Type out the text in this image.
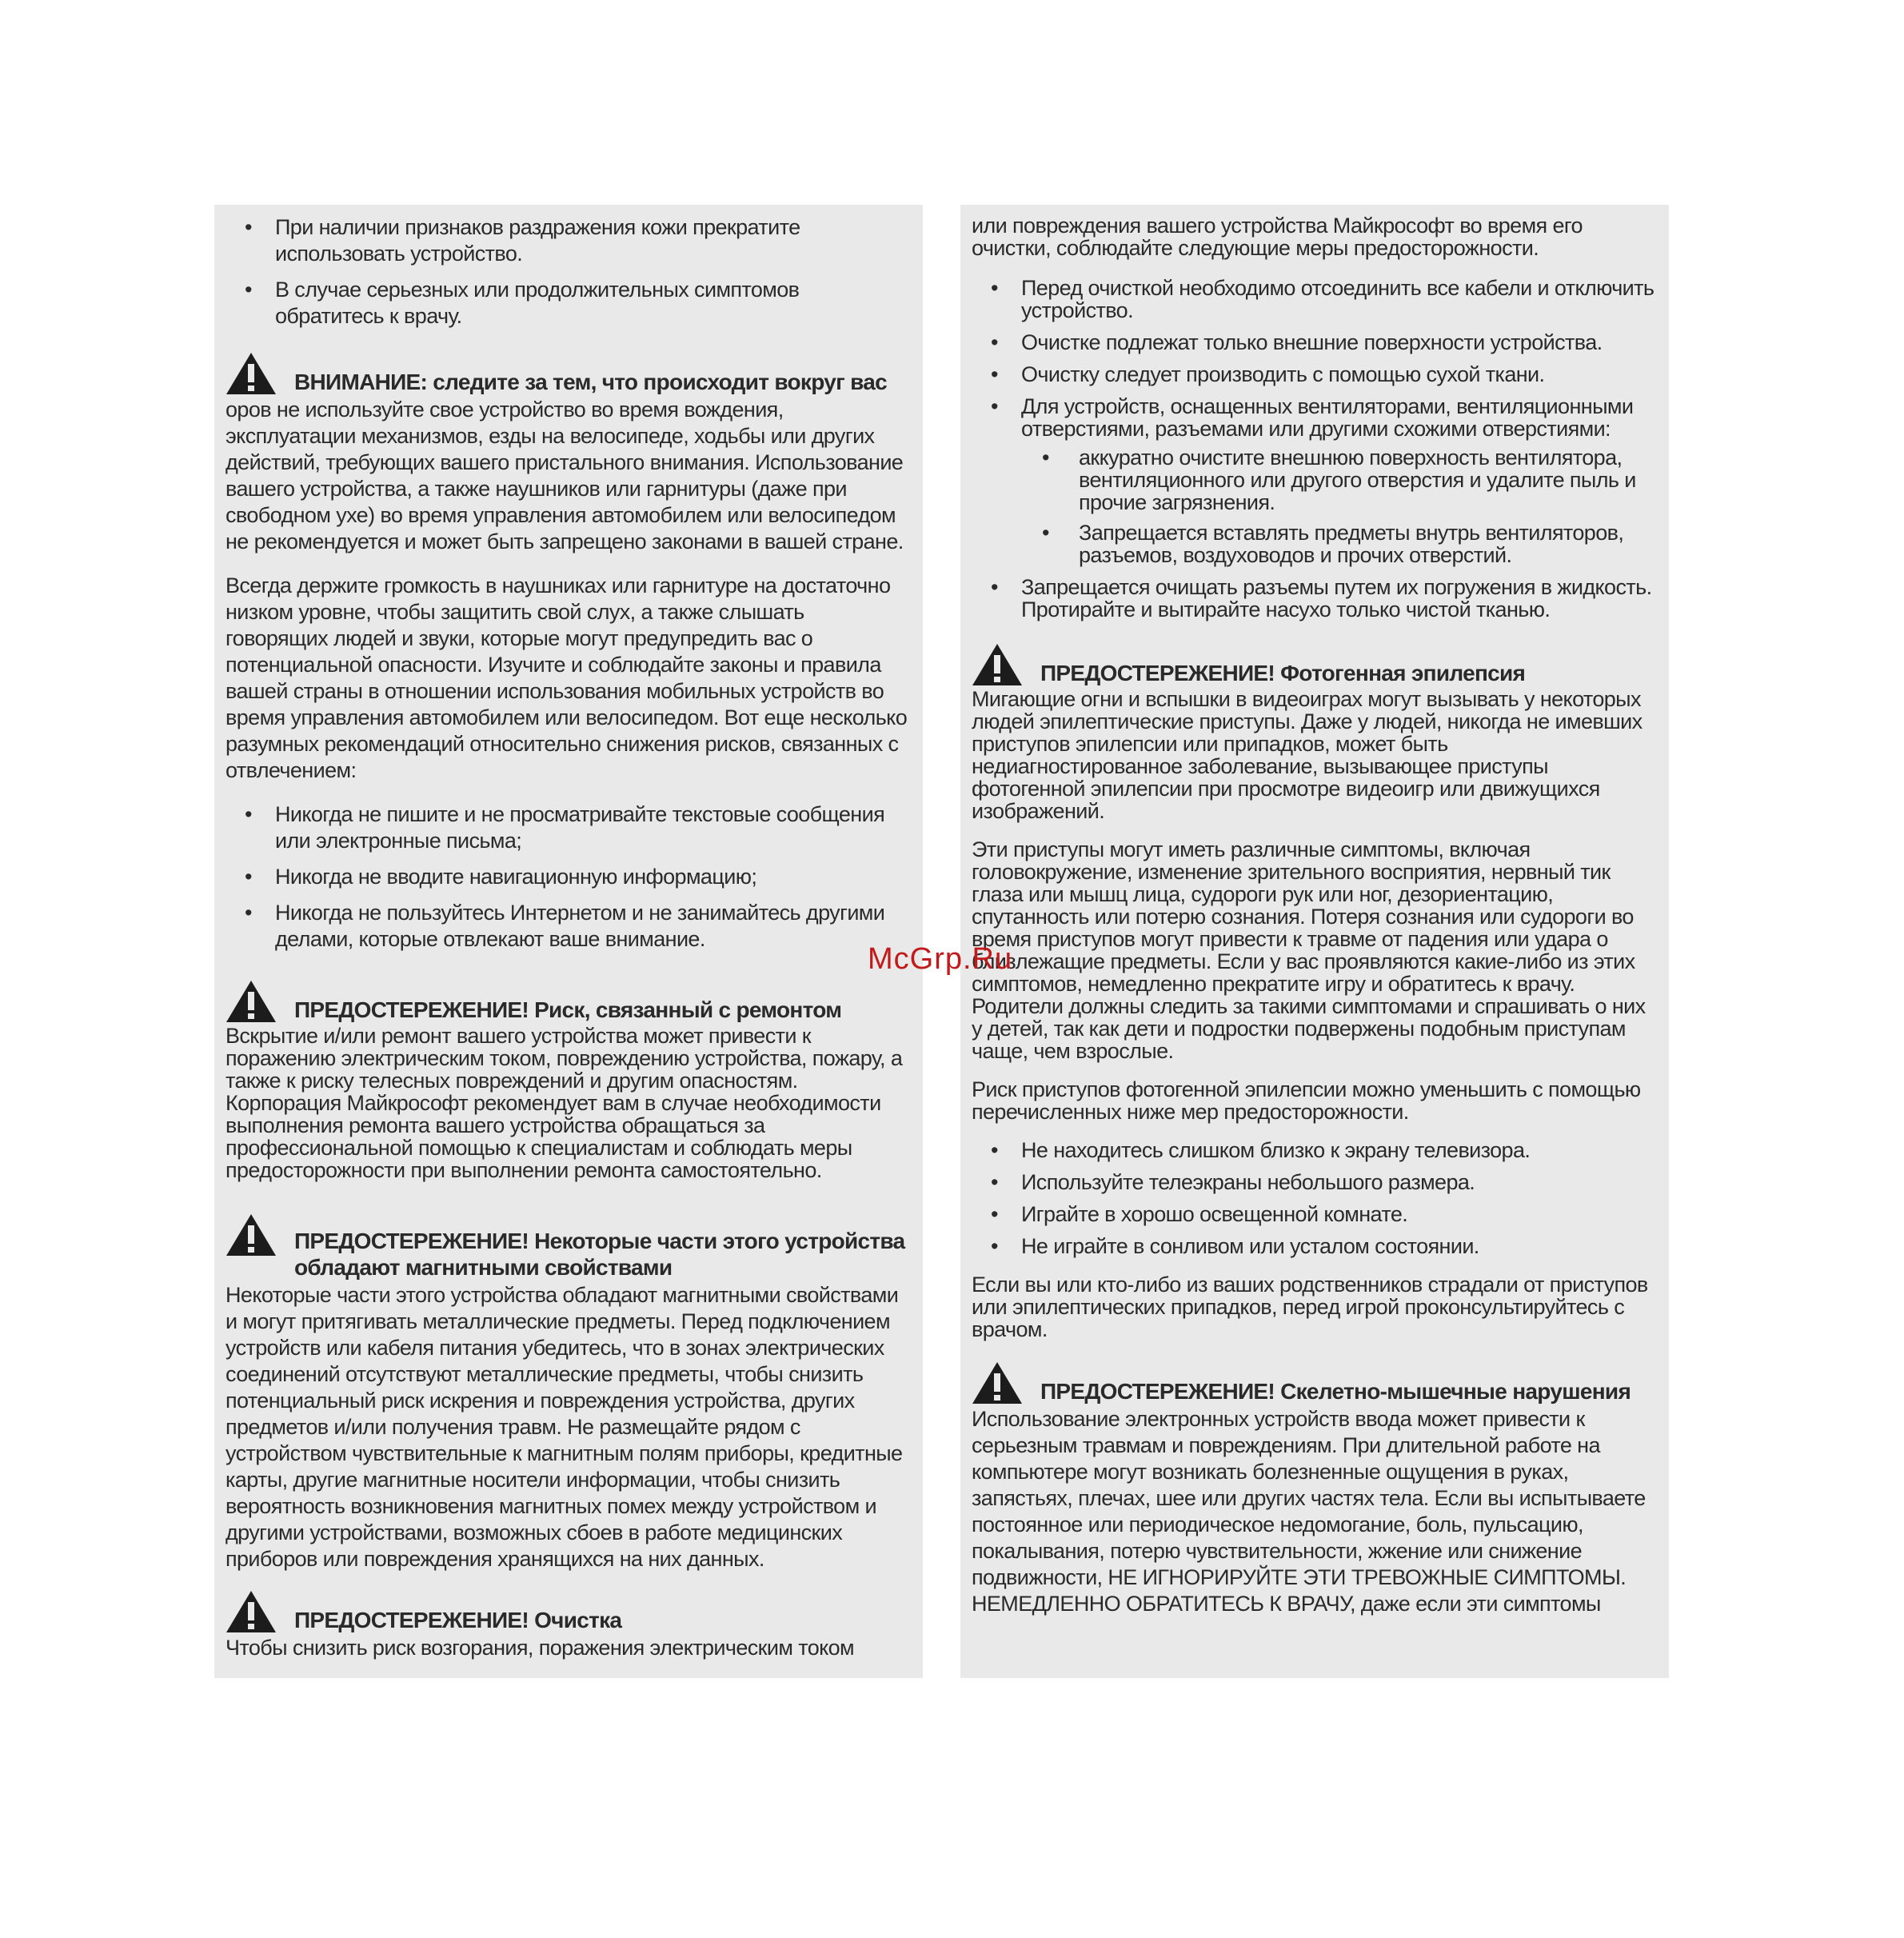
• При наличии признаков раздражения кожи прекратите использовать устройство.
• В случае серьезных или продолжительных симптомов обратитесь к врачу.
ВНИМАНИЕ: следите за тем, что происходит вокруг вас

оров не используйте свое устройство во время вождения, эксплуатации механизмов, езды на велосипеде, ходьбы или других действий, требующих вашего пристального внимания. Использование вашего устройства, а также наушников или гарнитуры (даже при свободном ухе) во время управления автомобилем или велосипедом не рекомендуется и может быть запрещено законами в вашей стране.

Всегда держите громкость в наушниках или гарнитуре на достаточно низком уровне, чтобы защитить свой слух, а также слышать говорящих людей и звуки, которые могут предупредить вас о потенциальной опасности. Изучите и соблюдайте законы и правила вашей страны в отношении использования мобильных устройств во время управления автомобилем или велосипедом. Вот еще несколько разумных рекомендаций относительно снижения рисков, связанных с отвлечением:

• Никогда не пишите и не просматривайте текстовые сообщения или электронные письма;
• Никогда не вводите навигационную информацию;
• Никогда не пользуйтесь Интернетом и не занимайтесь другими делами, которые отвлекают ваше внимание.
ПРЕДОСТЕРЕЖЕНИЕ! Риск, связанный с ремонтом

Вскрытие и/или ремонт вашего устройства может привести к поражению электрическим током, повреждению устройства, пожару, а также к риску телесных повреждений и другим опасностям. Корпорация Майкрософт рекомендует вам в случае необходимости выполнения ремонта вашего устройства обращаться за профессиональной помощью к специалистам и соблюдать меры предосторожности при выполнении ремонта самостоятельно.

ПРЕДОСТЕРЕЖЕНИЕ! Некоторые части этого устройства обладают магнитными свойствами

Некоторые части этого устройства обладают магнитными свойствами и могут притягивать металлические предметы. Перед подключением устройств или кабеля питания убедитесь, что в зонах электрических соединений отсутствуют металлические предметы, чтобы снизить потенциальный риск искрения и повреждения устройства, других предметов и/или получения травм. Не размещайте рядом с устройством чувствительные к магнитным полям приборы, кредитные карты, другие магнитные носители информации, чтобы снизить вероятность возникновения магнитных помех между устройством и другими устройствами, возможных сбоев в работе медицинских приборов или повреждения хранящихся на них данных.

ПРЕДОСТЕРЕЖЕНИЕ! Очистка

Чтобы снизить риск возгорания, поражения электрическим током

или повреждения вашего устройства Майкрософт во время его очистки, соблюдайте следующие меры предосторожности.

• Перед очисткой необходимо отсоединить все кабели и отключить устройство.
• Очистке подлежат только внешние поверхности устройства.
• Очистку следует производить с помощью сухой ткани.
• Для устройств, оснащенных вентиляторами, вентиляционными отверстиями, разъемами или другими схожими отверстиями:
• аккуратно очистите внешнюю поверхность вентилятора, вентиляционного или другого отверстия и удалите пыль и прочие загрязнения.
• Запрещается вставлять предметы внутрь вентиляторов, разъемов, воздуховодов и прочих отверстий.
• Запрещается очищать разъемы путем их погружения в жидкость. Протирайте и вытирайте насухо только чистой тканью.
ПРЕДОСТЕРЕЖЕНИЕ! Фотогенная эпилепсия

Мигающие огни и вспышки в видеоиграх могут вызывать у некоторых людей эпилептические приступы. Даже у людей, никогда не имевших приступов эпилепсии или припадков, может быть недиагностированное заболевание, вызывающее приступы фотогенной эпилепсии при просмотре видеоигр или движущихся изображений.

Эти приступы могут иметь различные симптомы, включая головокружение, изменение зрительного восприятия, нервный тик глаза или мышц лица, судороги рук или ног, дезориентацию, спутанность или потерю сознания. Потеря сознания или судороги во время приступов могут привести к травме от падения или удара о близлежащие предметы. Если у вас проявляются какие-либо из этих симптомов, немедленно прекратите игру и обратитесь к врачу. Родители должны следить за такими симптомами и спрашивать о них у детей, так как дети и подростки подвержены подобным приступам чаще, чем взрослые.

Риск приступов фотогенной эпилепсии можно уменьшить с помощью перечисленных ниже мер предосторожности.

• Не находитесь слишком близко к экрану телевизора.
• Используйте телеэкраны небольшого размера.
• Играйте в хорошо освещенной комнате.
• Не играйте в сонливом или усталом состоянии.

Если вы или кто-либо из ваших родственников страдали от приступов или эпилептических припадков, перед игрой проконсультируйтесь с врачом.

ПРЕДОСТЕРЕЖЕНИЕ! Скелетно-мышечные нарушения

Использование электронных устройств ввода может привести к серьезным травмам и повреждениям. При длительной работе на компьютере могут возникать болезненные ощущения в руках, запястьях, плечах, шее или других частях тела. Если вы испытываете постоянное или периодическое недомогание, боль, пульсацию, покалывания, потерю чувствительности, жжение или снижение подвижности, НЕ ИГНОРИРУЙТЕ ЭТИ ТРЕВОЖНЫЕ СИМПТОМЫ. НЕМЕДЛЕННО ОБРАТИТЕСЬ К ВРАЧУ, даже если эти симптомы

McGrp.Ru
